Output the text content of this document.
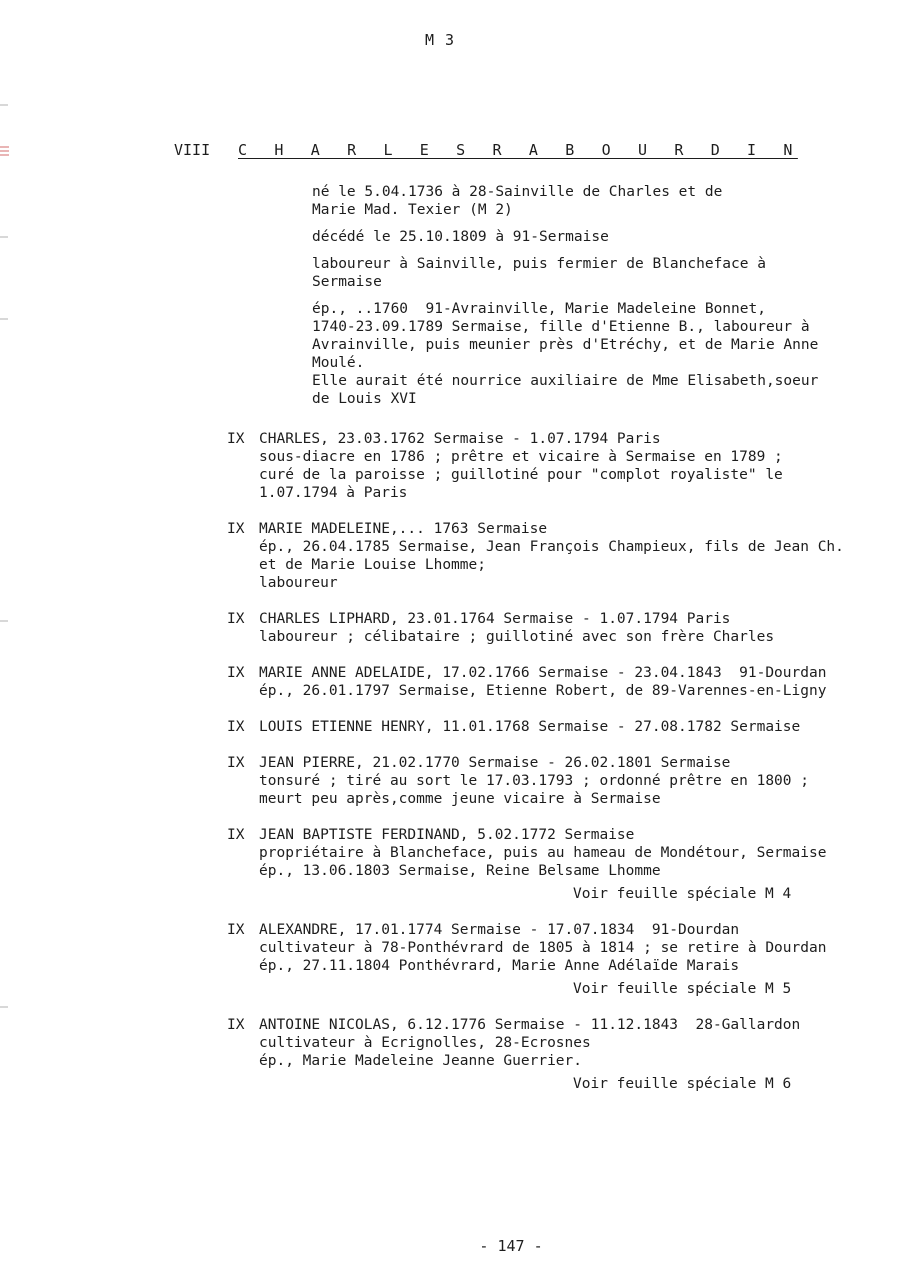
M 3
VIII C H A R L E S R A B O U R D I N

né le 5.04.1736 à 28-Sainville de Charles et de
Marie Mad. Texier (M 2)

décédé le 25.10.1809 à 91-Sermaise

laboureur à Sainville, puis fermier de Blancheface à
Sermaise

ép., ..1760  91-Avrainville, Marie Madeleine Bonnet,
1740-23.09.1789 Sermaise, fille d'Etienne B., laboureur à
Avrainville, puis meunier près d'Etréchy, et de Marie Anne
Moulé.
Elle aurait été nourrice auxiliaire de Mme Elisabeth,soeur
de Louis XVI

IX	CHARLES, 23.03.1762 Sermaise - 1.07.1794 Paris
sous-diacre en 1786 ; prêtre et vicaire à Sermaise en 1789 ;
curé de la paroisse ; guillotiné pour "complot royaliste" le
1.07.1794 à Paris
IX	MARIE MADELEINE,... 1763 Sermaise
ép., 26.04.1785 Sermaise, Jean François Champieux, fils de Jean Ch.
et de Marie Louise Lhomme;
laboureur
IX	CHARLES LIPHARD, 23.01.1764 Sermaise - 1.07.1794 Paris
laboureur ; célibataire ; guillotiné avec son frère Charles
IX	MARIE ANNE ADELAIDE, 17.02.1766 Sermaise - 23.04.1843  91-Dourdan
ép., 26.01.1797 Sermaise, Etienne Robert, de 89-Varennes-en-Ligny
IX	LOUIS ETIENNE HENRY, 11.01.1768 Sermaise - 27.08.1782 Sermaise
IX	JEAN PIERRE, 21.02.1770 Sermaise - 26.02.1801 Sermaise
tonsuré ; tiré au sort le 17.03.1793 ; ordonné prêtre en 1800 ;
meurt peu après,comme jeune vicaire à Sermaise
IX	JEAN BAPTISTE FERDINAND, 5.02.1772 Sermaise
propriétaire à Blancheface, puis au hameau de Mondétour, Sermaise
ép., 13.06.1803 Sermaise, Reine Belsame Lhomme
Voir feuille spéciale M 4
IX	ALEXANDRE, 17.01.1774 Sermaise - 17.07.1834  91-Dourdan
cultivateur à 78-Ponthévrard de 1805 à 1814 ; se retire à Dourdan
ép., 27.11.1804 Ponthévrard, Marie Anne Adélaïde Marais
Voir feuille spéciale M 5
IX	ANTOINE NICOLAS, 6.12.1776 Sermaise - 11.12.1843  28-Gallardon
cultivateur à Ecrignolles, 28-Ecrosnes
ép., Marie Madeleine Jeanne Guerrier.
Voir feuille spéciale M 6
- 147 -
